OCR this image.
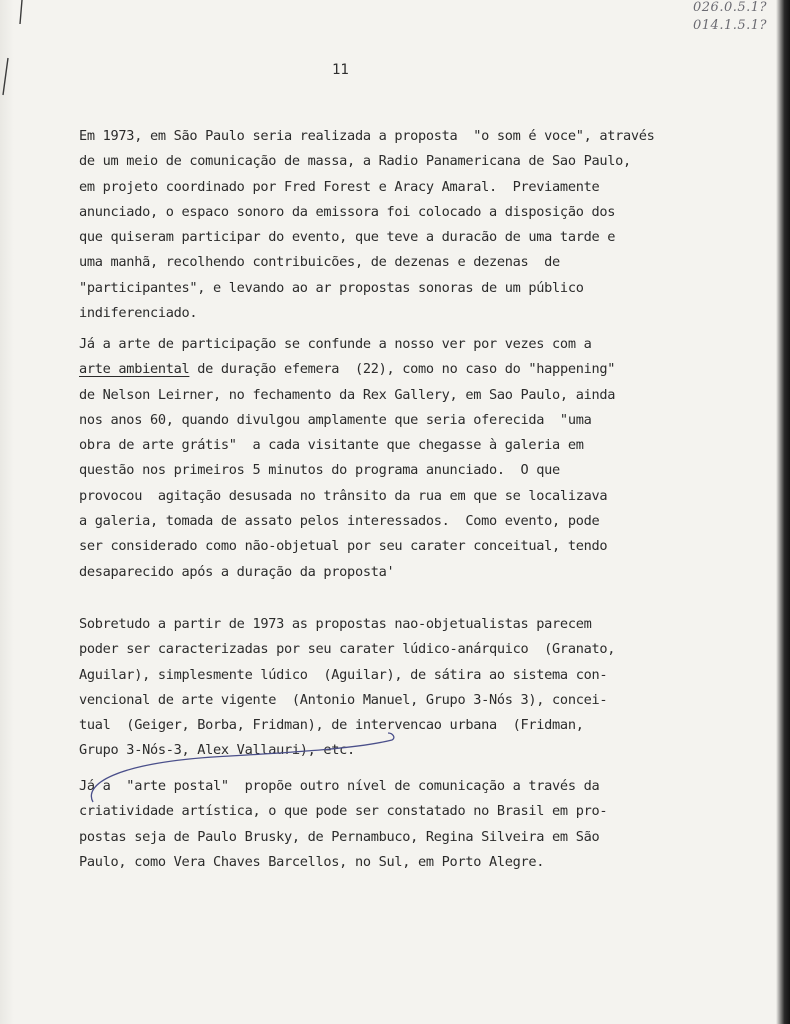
026.0.5.1?
014.1.5.1?
11
Em 1973, em São Paulo seria realizada a proposta  "o som é voce", através
de um meio de comunicação de massa, a Radio Panamericana de Sao Paulo,
em projeto coordinado por Fred Forest e Aracy Amaral.  Previamente
anunciado, o espaco sonoro da emissora foi colocado a disposição dos
que quiseram participar do evento, que teve a duracão de uma tarde e
uma manhã, recolhendo contribuicões, de dezenas e dezenas  de
"participantes", e levando ao ar propostas sonoras de um público
indiferenciado.
Já a arte de participação se confunde a nosso ver por vezes com a
arte ambiental de duração efemera  (22), como no caso do "happening"
de Nelson Leirner, no fechamento da Rex Gallery, em Sao Paulo, ainda
nos anos 60, quando divulgou amplamente que seria oferecida  "uma
obra de arte grátis"  a cada visitante que chegasse à galeria em
questão nos primeiros 5 minutos do programa anunciado.  O que
provocou  agitação desusada no trânsito da rua em que se localizava
a galeria, tomada de assato pelos interessados.  Como evento, pode
ser considerado como não-objetual por seu carater conceitual, tendo
desaparecido após a duração da proposta'
Sobretudo a partir de 1973 as propostas nao-objetualistas parecem
poder ser caracterizadas por seu carater lúdico-anárquico  (Granato,
Aguilar), simplesmente lúdico  (Aguilar), de sátira ao sistema con-
vencional de arte vigente  (Antonio Manuel, Grupo 3-Nós 3), concei-
tual  (Geiger, Borba, Fridman), de intervencao urbana  (Fridman,
Grupo 3-Nós-3, Alex Vallauri), etc.
Já a  "arte postal"  propõe outro nível de comunicação a través da
criatividade artística, o que pode ser constatado no Brasil em pro-
postas seja de Paulo Brusky, de Pernambuco, Regina Silveira em São
Paulo, como Vera Chaves Barcellos, no Sul, em Porto Alegre.
